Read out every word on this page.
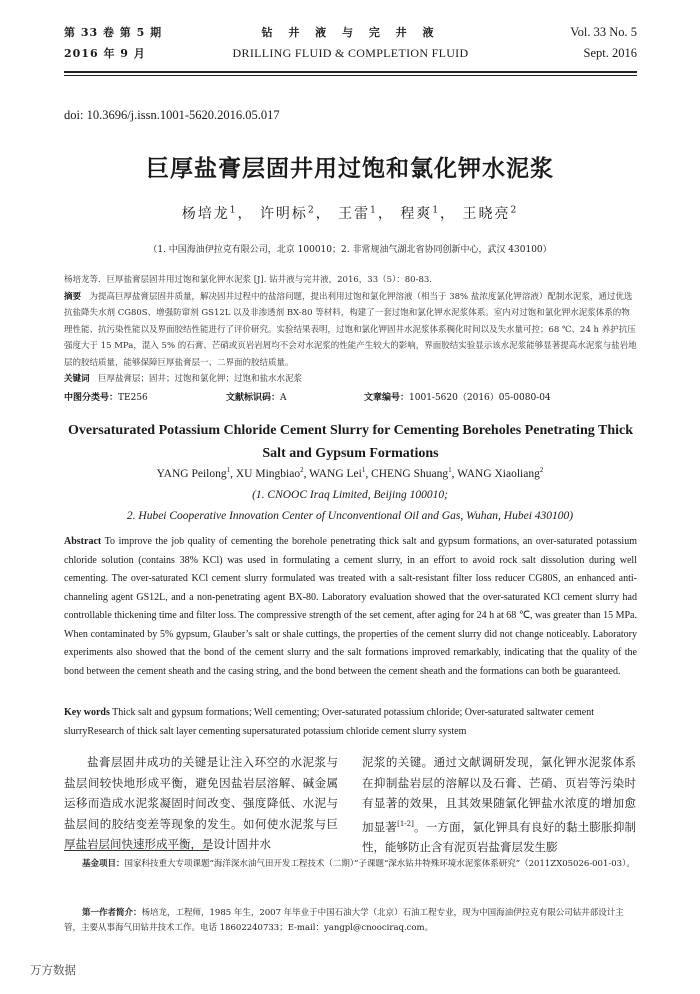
第 33 卷 第 5 期
2016 年 9 月
钻 井 液 与 完 井 液
DRILLING FLUID & COMPLETION FLUID
Vol. 33 No. 5
Sept. 2016
doi: 10.3696/j.issn.1001-5620.2016.05.017
巨厚盐膏层固井用过饱和氯化钾水泥浆
杨培龙$^1$， 许明标$^2$， 王雷$^1$， 程爽$^1$， 王晓亮$^2$
（1. 中国海油伊拉克有限公司，北京 100010；2. 非常规油气湖北省协同创新中心，武汉 430100）

杨培龙等．巨厚盐膏层固井用过饱和氯化钾水泥浆 [J]. 钻井液与完井液，2016，33（5）：80-83.

摘要　 为提高巨厚盐膏层固井质量，解决固井过程中的盐溶问题，提出利用过饱和氯化钾溶液（相当于 38% 盐浓度氯化钾溶液）配制水泥浆，通过优选抗盐降失水剂 CG80S、增强防窜剂 GS12L 以及非渗透剂 BX-80 等材料，构建了一套过饱和氯化钾水泥浆体系。室内对过饱和氯化钾水泥浆体系的物理性能、抗污染性能以及界面胶结性能进行了评价研究。实验结果表明，过饱和氯化钾固井水泥浆体系稠化时间以及失水量可控；68 ℃、24 h 养护抗压强度大于 15 MPa，混入 5% 的石膏、芒硝或页岩岩屑均不会对水泥浆的性能产生较大的影响，界面胶结实验显示该水泥浆能够显著提高水泥浆与盐岩地层的胶结质量，能够保障巨厚盐膏层一、二界面的胶结质量。

关键词　 巨厚盐膏层；固井；过饱和氯化钾；过饱和盐水水泥浆

中图分类号：TE256	文献标识码：A	文章编号：1001-5620（2016）05-0080-04
Oversaturated Potassium Chloride Cement Slurry for Cementing Boreholes Penetrating Thick Salt and Gypsum Formations
YANG Peilong$^1$, XU Mingbiao$^2$, WANG Lei$^1$, CHENG Shuang$^1$, WANG Xiaoliang$^2$
(1. CNOOC Iraq Limited, Beijing 100010;
2. Hubei Cooperative Innovation Center of Unconventional Oil and Gas, Wuhan, Hubei 430100)
Abstract To improve the job quality of cementing the borehole penetrating thick salt and gypsum formations, an over-saturated potassium chloride solution (contains 38% KCl) was used in formulating a cement slurry, in an effort to avoid rock salt dissolution during well cementing. The over-saturated KCl cement slurry formulated was treated with a salt-resistant filter loss reducer CG80S, an enhanced anti-channeling agent GS12L, and a non-penetrating agent BX-80. Laboratory evaluation showed that the over-saturated KCl cement slurry had controllable thickening time and filter loss. The compressive strength of the set cement, after aging for 24 h at 68 ℃, was greater than 15 MPa. When contaminated by 5% gypsum, Glauber’s salt or shale cuttings, the properties of the cement slurry did not change noticeably. Laboratory experiments also showed that the bond of the cement slurry and the salt formations improved remarkably, indicating that the quality of the bond between the cement sheath and the casing string, and the bond between the cement sheath and the formations can both be guaranteed.
Key words Thick salt and gypsum formations; Well cementing; Over-saturated potassium chloride; Over-saturated saltwater cement slurryResearch of thick salt layer cementing supersaturated potassium chloride cement slurry system
盐膏层固井成功的关键是让注入环空的水泥浆与盐层间较快地形成平衡，避免因盐岩层溶解、碱金属运移而造成水泥浆凝固时间改变、强度降低、水泥与盐层间的胶结变差等现象的发生。如何使水泥浆与巨厚盐岩层间快速形成平衡，是设计固井水
泥浆的关键。通过文献调研发现，氯化钾水泥浆体系在抑制盐岩层的溶解以及石膏、芒硝、页岩等污染时有显著的效果，且其效果随氯化钾盐水浓度的增加愈加显著[1-2]。一方面，氯化钾具有良好的黏土膨胀抑制性，能够防止含有泥页岩盐膏层发生膨
基金项目：国家科技重大专项课题“海洋深水油气田开发工程技术（二期）”子课题“深水钻井特殊环境水泥浆体系研究”（2011ZX05026-001-03）。
第一作者简介：杨培龙，工程师，1985 年生，2007 年毕业于中国石油大学（北京）石油工程专业，现为中国海油伊拉克有限公司钻井部设计主管，主要从事海气田钻井技术工作。电话 18602240733；E-mail：yangpl@cnoociraq.com。
万方数据
